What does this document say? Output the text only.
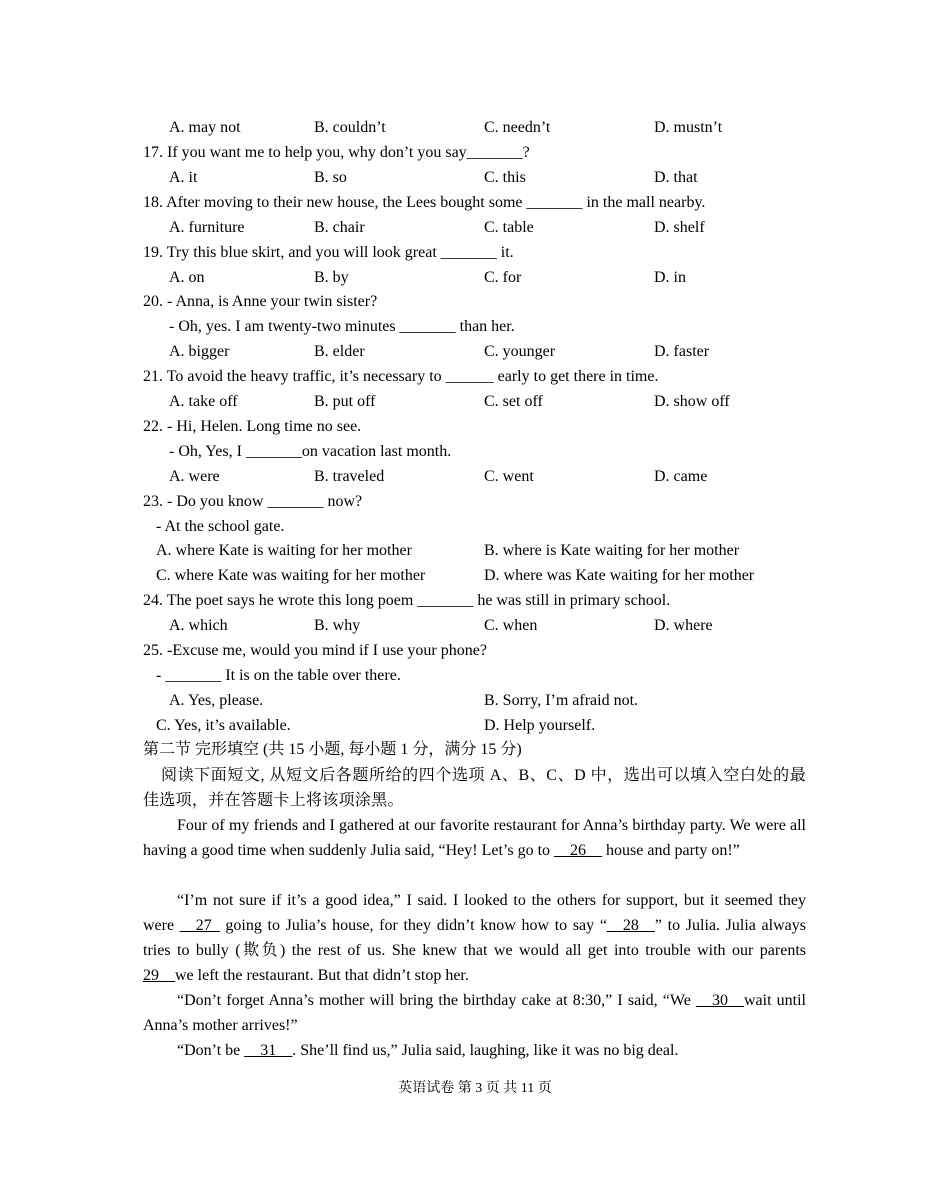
A. may not	B. couldn’t	C. needn’t	D. mustn’t
17. If you want me to help you, why don’t you say_______?
A. it	B. so	C. this	D. that
18. After moving to their new house, the Lees bought some _______ in the mall nearby.
A. furniture	B. chair	C. table	D. shelf
19. Try this blue skirt, and you will look great _______ it.
A. on	B. by	C. for	D. in
20. - Anna, is Anne your twin sister?
- Oh, yes. I am twenty-two minutes _______ than her.
A. bigger	B. elder	C. younger	D. faster
21. To avoid the heavy traffic, it’s necessary to ______ early to get there in time.
A. take off	B. put off	C. set off	D. show off
22. - Hi, Helen. Long time no see.
- Oh, Yes, I _______on vacation last month.
A. were	B. traveled	C. went	D. came
23. - Do you know _______ now?
- At the school gate.
A. where Kate is waiting for her mother	B. where is Kate waiting for her mother
C. where Kate was waiting for her mother	D. where was Kate waiting for her mother
24. The poet says he wrote this long poem _______ he was still in primary school.
A. which	B. why	C. when	D. where
25. -Excuse me, would you mind if I use your phone?
- _______ It is on the table over there.
A. Yes, please.	B. Sorry, I’m afraid not.
C. Yes, it’s available.	D. Help yourself.
第二节 完形填空 (共 15 小题, 每小题 1 分，满分 15 分)
阅读下面短文, 从短文后各题所给的四个选项 A、B、C、D 中，选出可以填入空白处的最佳选项，并在答题卡上将该项涂黑。
Four of my friends and I gathered at our favorite restaurant for Anna’s birthday party. We were all having a good time when suddenly Julia said, “Hey! Let’s go to __26__ house and party on!”
“I’m not sure if it’s a good idea,” I said. I looked to the others for support, but it seemed they were __27_ going to Julia’s house, for they didn’t know how to say “__28__” to Julia. Julia always tries to bully (欺负) the rest of us. She knew that we would all get into trouble with our parents 29__we left the restaurant. But that didn’t stop her.
“Don’t forget Anna’s mother will bring the birthday cake at 8:30,” I said, “We __30__wait until Anna’s mother arrives!”
“Don’t be __31__. She’ll find us,” Julia said, laughing, like it was no big deal.
英语试卷 第 3 页 共 11 页
